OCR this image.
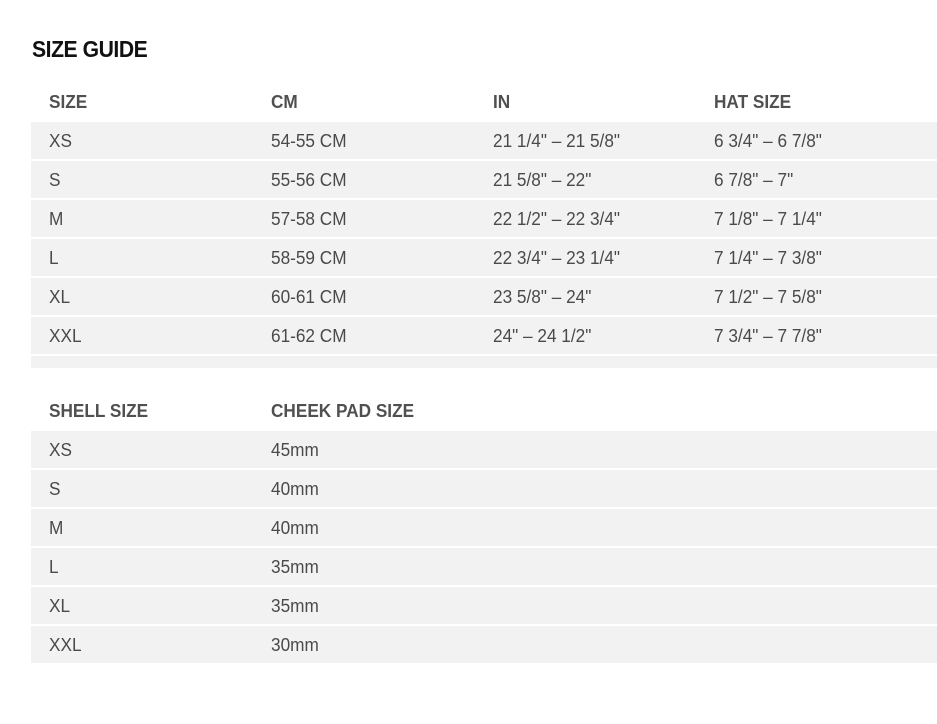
SIZE GUIDE
SIZE	CM	IN	HAT SIZE
XS	54-55 CM	21 1/4" – 21 5/8"	6 3/4" – 6 7/8"
S	55-56 CM	21 5/8" – 22"	6 7/8" – 7"
M	57-58 CM	22 1/2" – 22 3/4"	7 1/8" – 7 1/4"
L	58-59 CM	22 3/4" – 23 1/4"	7 1/4" – 7 3/8"
XL	60-61 CM	23 5/8" – 24"	7 1/2" – 7 5/8"
XXL	61-62 CM	24" – 24 1/2"	7 3/4" – 7 7/8"
SHELL SIZE	CHEEK PAD SIZE
XS	45mm
S	40mm
M	40mm
L	35mm
XL	35mm
XXL	30mm
